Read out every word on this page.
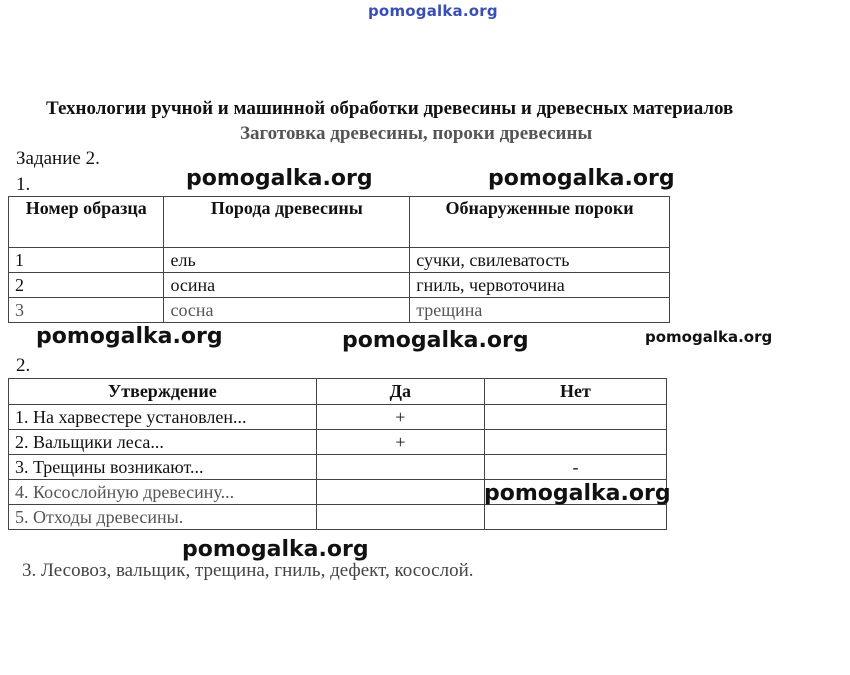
pomogalka.org
Технологии ручной и машинной обработки древесины и древесных материалов
Заготовка древесины, пороки древесины
Задание 2.
1.	pomogalka.org	pomogalka.org
Номер образца	Порода древесины	Обнаруженные пороки
1	ель	сучки, свилеватость
2	осина	гниль, червоточина
3	сосна	трещина
pomogalka.org	pomogalka.org	pomogalka.org
2.
Утверждение	Да	Нет
1. На харвестере установлен...	+	
2. Вальщики леса...	+	
3. Трещины возникают...		-
4. Косослойную древесину...		
5. Отходы древесины.		
pomogalka.org
pomogalka.org
3. Лесовоз, вальщик, трещина, гниль, дефект, косослой.
